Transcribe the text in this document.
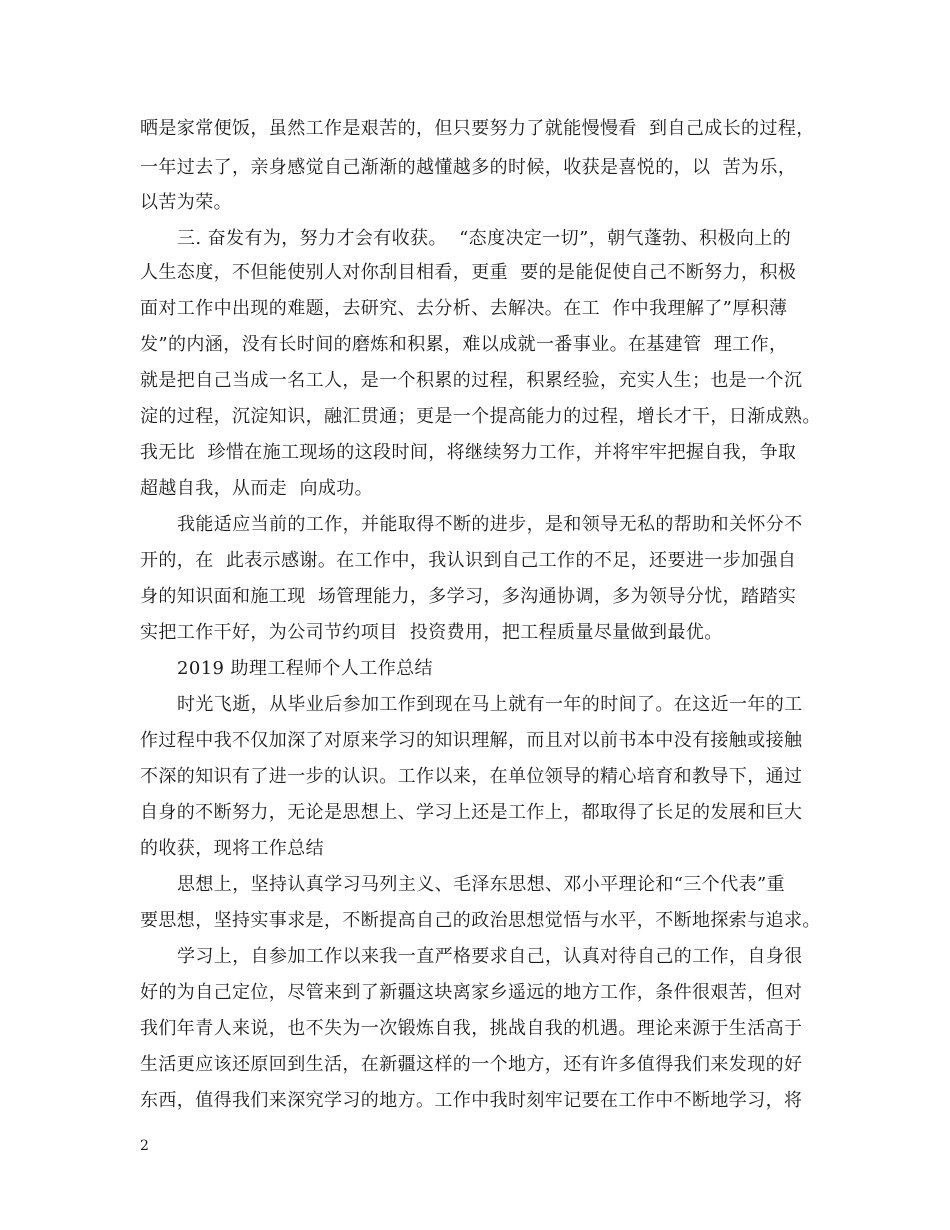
晒是家常便饭，虽然工作是艰苦的，但只要努力了就能慢慢看  到自己成长的过程，
一年过去了，亲身感觉自己渐渐的越懂越多的时候，收获是喜悦的，以  苦为乐，
以苦为荣。
三. 奋发有为，努力才会有收获。  “态度决定一切”，朝气蓬勃、积极向上的
人生态度，不但能使别人对你刮目相看，更重  要的是能促使自己不断努力，积极
面对工作中出现的难题，去研究、去分析、去解决。在工  作中我理解了”厚积薄
发”的内涵，没有长时间的磨炼和积累，难以成就一番事业。在基建管  理工作，
就是把自己当成一名工人，是一个积累的过程，积累经验，充实人生；也是一个沉
淀的过程，沉淀知识，融汇贯通；更是一个提高能力的过程，增长才干，日渐成熟。
我无比  珍惜在施工现场的这段时间，将继续努力工作，并将牢牢把握自我，争取
超越自我，从而走  向成功。
我能适应当前的工作，并能取得不断的进步，是和领导无私的帮助和关怀分不
开的，在  此表示感谢。在工作中，我认识到自己工作的不足，还要进一步加强自
身的知识面和施工现  场管理能力，多学习，多沟通协调，多为领导分忧，踏踏实
实把工作干好，为公司节约项目  投资费用，把工程质量尽量做到最优。
2019 助理工程师个人工作总结
时光飞逝，从毕业后参加工作到现在马上就有一年的时间了。在这近一年的工
作过程中我不仅加深了对原来学习的知识理解，而且对以前书本中没有接触或接触
不深的知识有了进一步的认识。工作以来，在单位领导的精心培育和教导下，通过
自身的不断努力，无论是思想上、学习上还是工作上，都取得了长足的发展和巨大
的收获，现将工作总结
思想上，坚持认真学习马列主义、毛泽东思想、邓小平理论和“三个代表”重
要思想，坚持实事求是，不断提高自己的政治思想觉悟与水平，不断地探索与追求。
学习上，自参加工作以来我一直严格要求自己，认真对待自己的工作，自身很
好的为自己定位，尽管来到了新疆这块离家乡遥远的地方工作，条件很艰苦，但对
我们年青人来说，也不失为一次锻炼自我，挑战自我的机遇。理论来源于生活高于
生活更应该还原回到生活，在新疆这样的一个地方，还有许多值得我们来发现的好
东西，值得我们来深究学习的地方。工作中我时刻牢记要在工作中不断地学习，将
2
